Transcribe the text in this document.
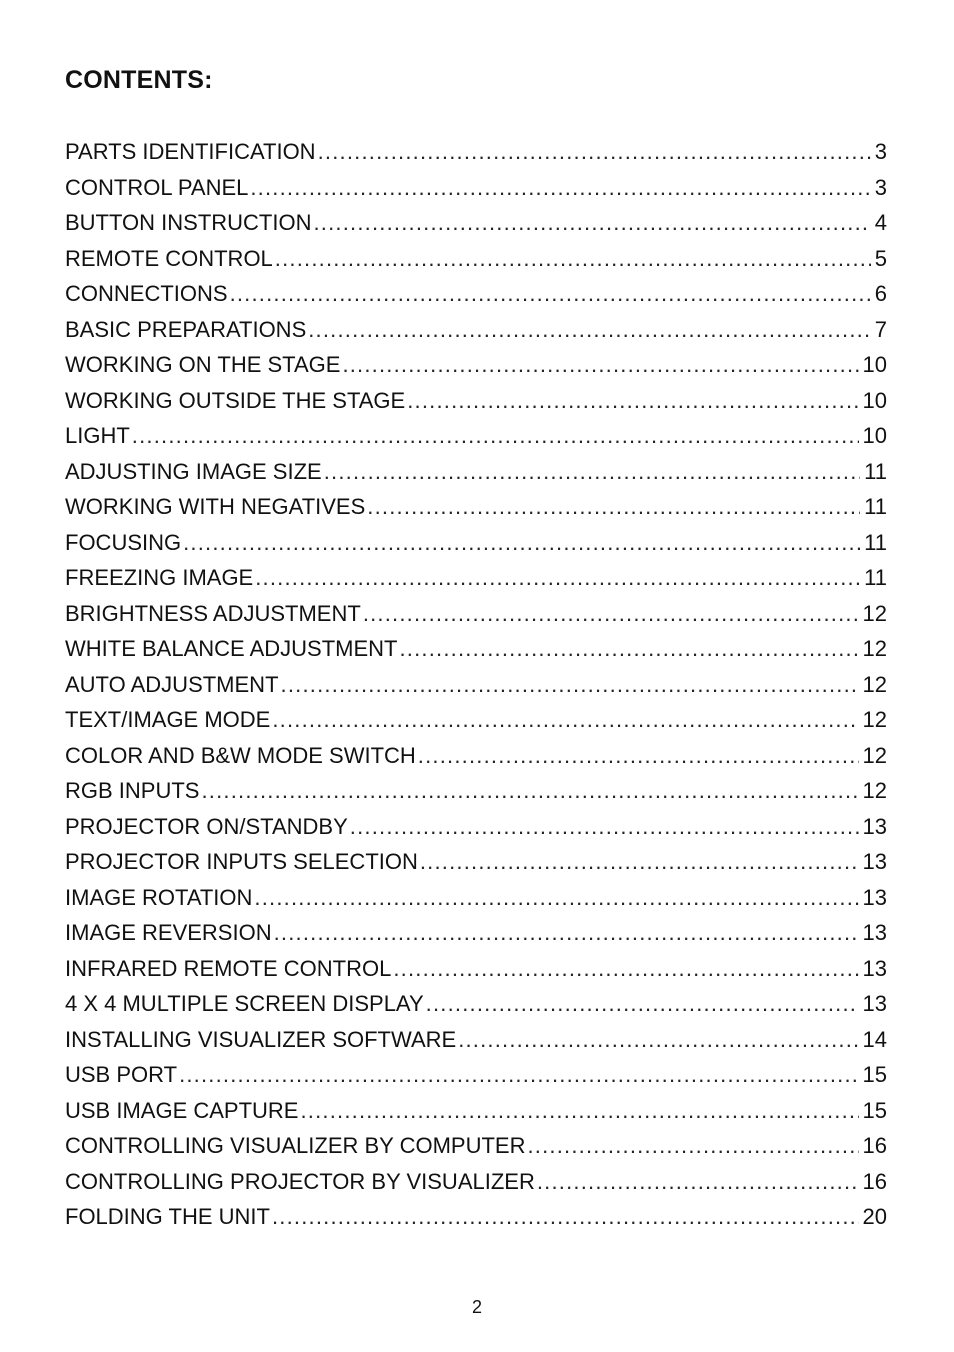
CONTENTS:
PARTS IDENTIFICATION .....	3
CONTROL PANEL .....	3
BUTTON INSTRUCTION .....	4
REMOTE CONTROL .....	5
CONNECTIONS .....	6
BASIC PREPARATIONS .....	7
WORKING ON THE STAGE .....	10
WORKING OUTSIDE THE STAGE .....	10
LIGHT .....	10
ADJUSTING IMAGE SIZE .....	11
WORKING WITH NEGATIVES .....	11
FOCUSING .....	11
FREEZING IMAGE .....	11
BRIGHTNESS ADJUSTMENT .....	12
WHITE BALANCE ADJUSTMENT .....	12
AUTO ADJUSTMENT .....	12
TEXT/IMAGE MODE .....	12
COLOR AND B&W MODE SWITCH .....	12
RGB INPUTS .....	12
PROJECTOR ON/STANDBY .....	13
PROJECTOR INPUTS SELECTION .....	13
IMAGE ROTATION .....	13
IMAGE REVERSION .....	13
INFRARED REMOTE CONTROL .....	13
4 X 4 MULTIPLE SCREEN DISPLAY .....	13
INSTALLING VISUALIZER SOFTWARE .....	14
USB PORT .....	15
USB IMAGE CAPTURE .....	15
CONTROLLING VISUALIZER BY COMPUTER .....	16
CONTROLLING PROJECTOR BY VISUALIZER .....	16
FOLDING THE UNIT .....	20
2
